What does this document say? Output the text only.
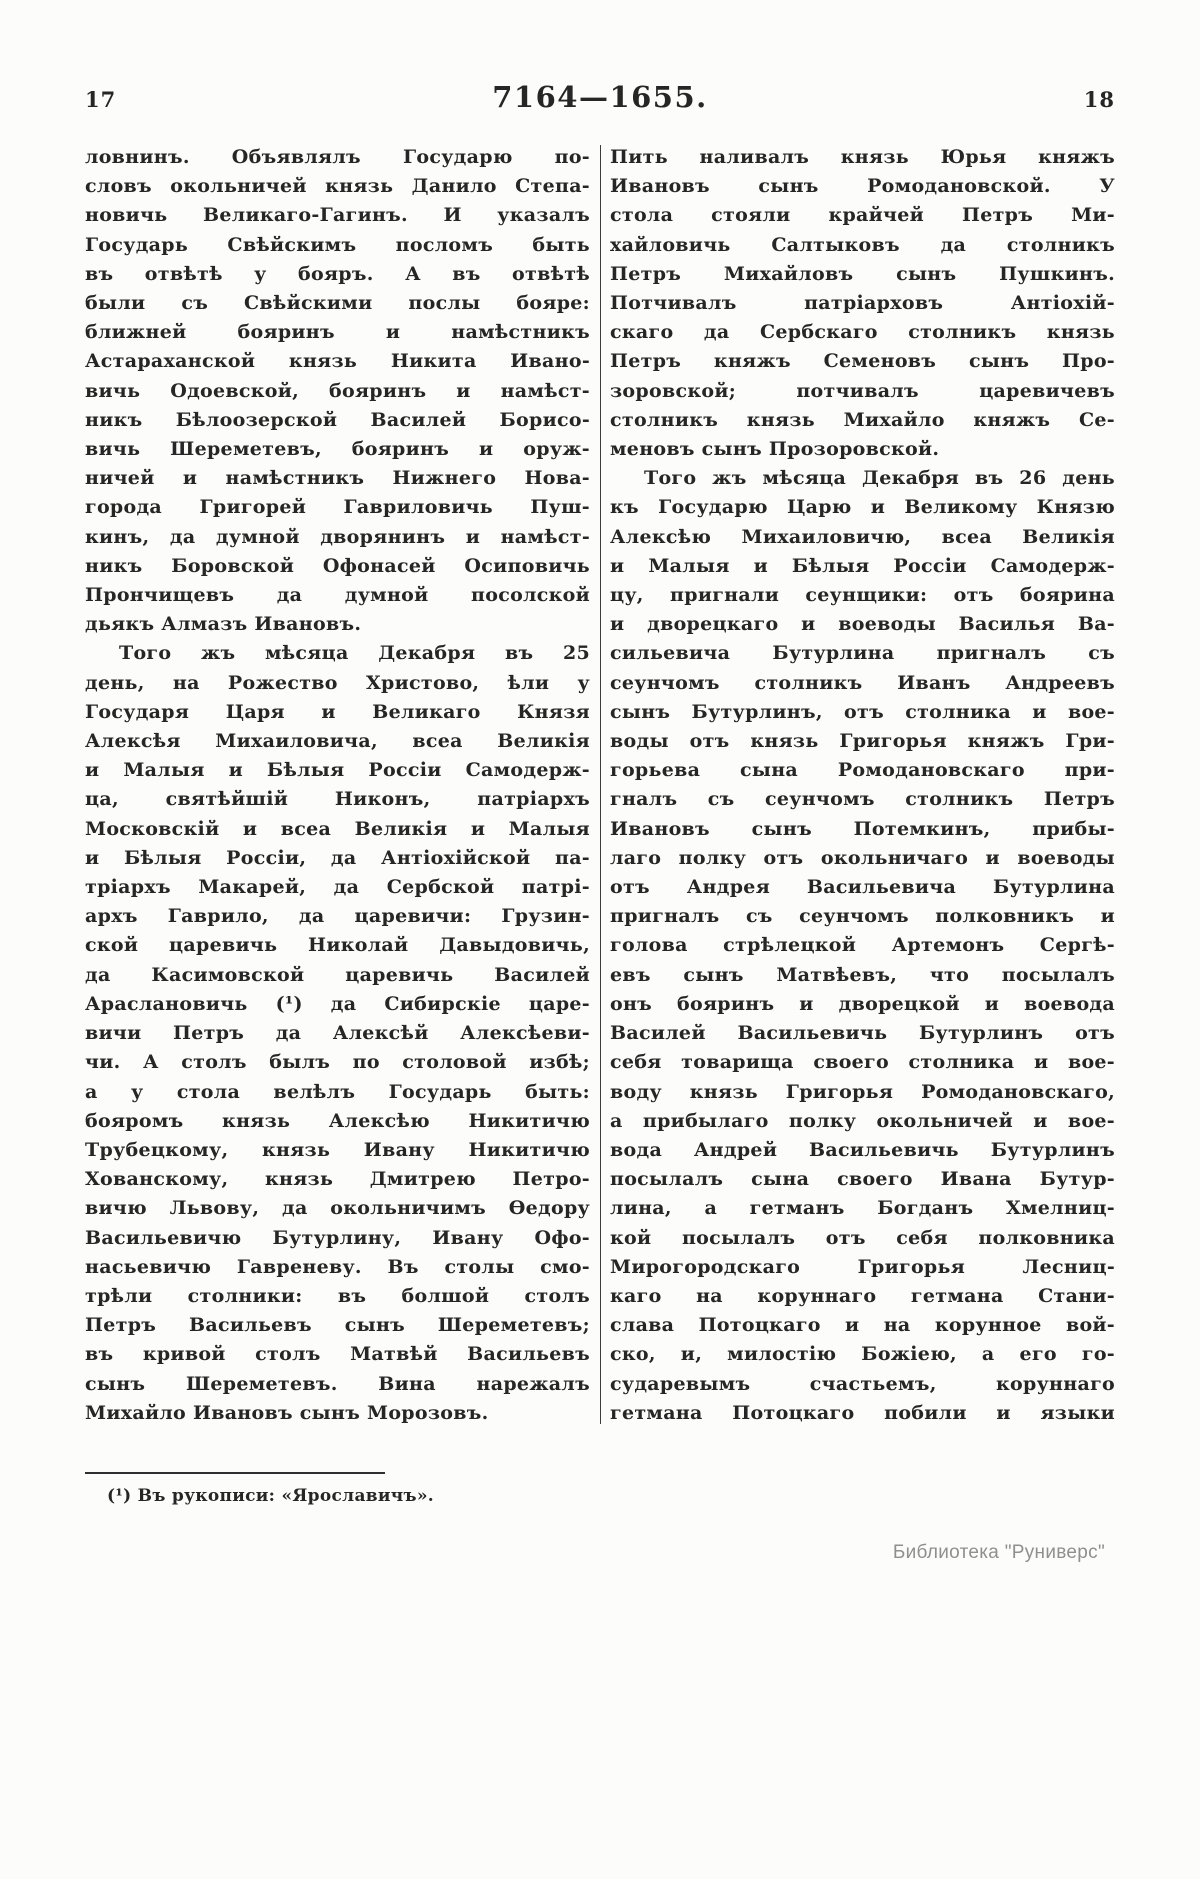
17	7164—1655.	18
ловнинъ. Объявлялъ Государю по-
словъ окольничей князь Данило Степа-
новичь Великаго-Гагинъ. И указалъ
Государь Свѣйскимъ посломъ быть
въ отвѣтѣ у бояръ. А въ отвѣтѣ
были съ Свѣйскими послы бояре:
ближней бояринъ и намѣстникъ
Астараханской князь Никита Ивано-
вичь Одоевской, бояринъ и намѣст-
никъ Бѣлоозерской Василей Борисо-
вичь Шереметевъ, бояринъ и оруж-
ничей и намѣстникъ Нижнего Нова-
города Григорей Гавриловичь Пуш-
кинъ, да думной дворянинъ и намѣст-
никъ Боровской Офонасей Осиповичь
Прончищевъ да думной посолской
дьякъ Алмазъ Ивановъ.
Того жъ мѣсяца Декабря въ 25
день, на Рожество Христово, ѣли у
Государя Царя и Великаго Князя
Алексѣя Михаиловича, всеа Великія
и Малыя и Бѣлыя Россіи Самодерж-
ца, святѣйшій Никонъ, патріархъ
Московскій и всеа Великія и Малыя
и Бѣлыя Россіи, да Антіохійской па-
тріархъ Макарей, да Сербской патрі-
архъ Гаврило, да царевичи: Грузин-
ской царевичь Николай Давыдовичь,
да Касимовской царевичь Василей
Араслановичь (¹) да Сибирскіе царе-
вичи Петръ да Алексѣй Алексѣеви-
чи. А столъ былъ по столовой избѣ;
а у стола велѣлъ Государь быть:
бояромъ князь Алексѣю Никитичю
Трубецкому, князь Ивану Никитичю
Хованскому, князь Дмитрею Петро-
вичю Львову, да окольничимъ Ѳедору
Васильевичю Бутурлину, Ивану Офо-
насьевичю Гавреневу. Въ столы смо-
трѣли столники: въ болшой столъ
Петръ Васильевъ сынъ Шереметевъ;
въ кривой столъ Матвѣй Васильевъ
сынъ Шереметевъ. Вина нарежалъ
Михайло Ивановъ сынъ Морозовъ.
Пить наливалъ князь Юрья княжъ
Ивановъ сынъ Ромодановской. У
стола стояли крайчей Петръ Ми-
хайловичь Салтыковъ да столникъ
Петръ Михайловъ сынъ Пушкинъ.
Потчивалъ патріарховъ Антіохій-
скаго да Сербскаго столникъ князь
Петръ княжъ Семеновъ сынъ Про-
зоровской; потчивалъ царевичевъ
столникъ князь Михайло княжъ Се-
меновъ сынъ Прозоровской.
Того жъ мѣсяца Декабря въ 26 день
къ Государю Царю и Великому Князю
Алексѣю Михаиловичю, всеа Великія
и Малыя и Бѣлыя Россіи Самодерж-
цу, пригнали сеунщики: отъ боярина
и дворецкаго и воеводы Василья Ва-
сильевича Бутурлина пригналъ съ
сеунчомъ столникъ Иванъ Андреевъ
сынъ Бутурлинъ, отъ столника и вое-
воды отъ князь Григорья княжъ Гри-
горьева сына Ромодановскаго при-
гналъ съ сеунчомъ столникъ Петръ
Ивановъ сынъ Потемкинъ, прибы-
лаго полку отъ окольничаго и воеводы
отъ Андрея Васильевича Бутурлина
пригналъ съ сеунчомъ полковникъ и
голова стрѣлецкой Артемонъ Сергѣ-
евъ сынъ Матвѣевъ, что посылалъ
онъ бояринъ и дворецкой и воевода
Василей Васильевичь Бутурлинъ отъ
себя товарища своего столника и вое-
воду князь Григорья Ромодановскаго,
а прибылаго полку окольничей и вое-
вода Андрей Васильевичь Бутурлинъ
посылалъ сына своего Ивана Бутур-
лина, а гетманъ Богданъ Хмелниц-
кой посылалъ отъ себя полковника
Мирогородскаго Григорья Лесниц-
каго на коруннаго гетмана Стани-
слава Потоцкаго и на корунное вой-
ско, и, милостію Божіею, а его го-
сударевымъ счастьемъ, коруннаго
гетмана Потоцкаго побили и языки
(¹) Въ рукописи: «Ярославичъ».
Библиотека "Руниверс"
